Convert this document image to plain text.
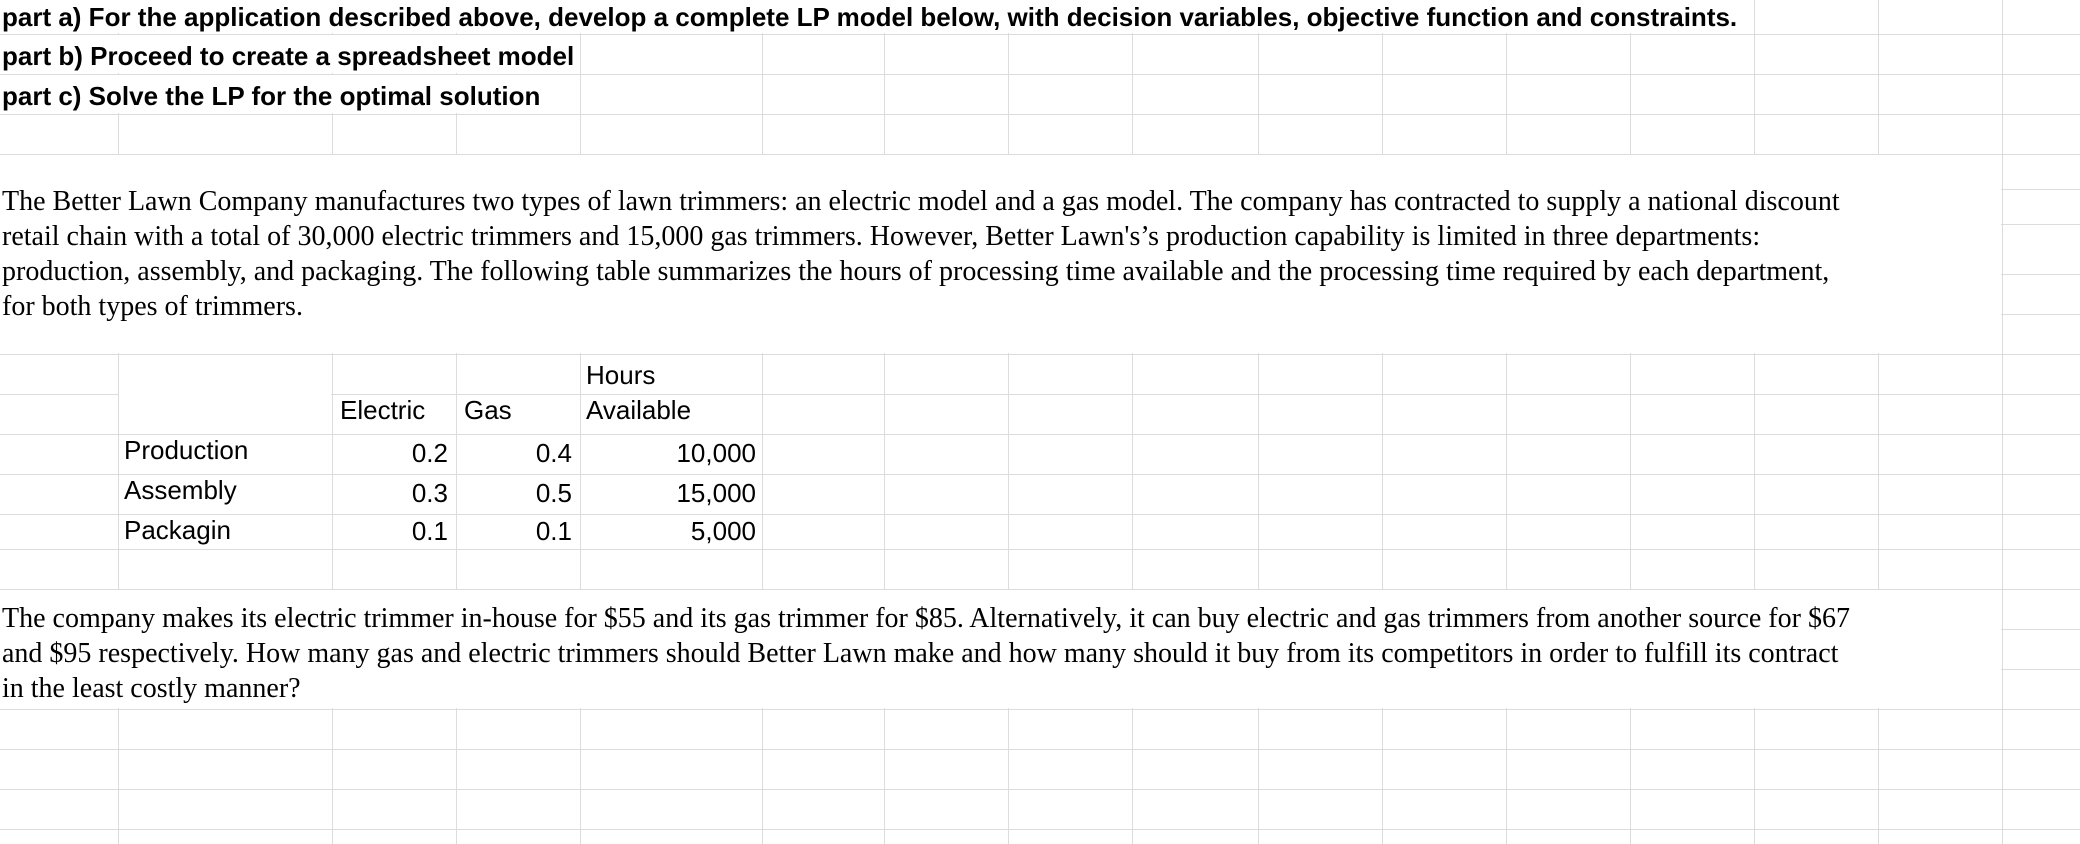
part a) For the application described above, develop a complete LP model below, with decision variables, objective function and constraints.
part b) Proceed to create a spreadsheet model
part c) Solve the LP for the optimal solution
The Better Lawn Company manufactures two types of lawn trimmers: an electric model and a gas model. The company has contracted to supply a national discount
retail chain with a total of 30,000 electric trimmers and 15,000 gas trimmers. However, Better Lawn's’s production capability is limited in three departments:
production, assembly, and packaging. The following table summarizes the hours of processing time available and the processing time required by each department,
for both types of trimmers.
Hours
Electric Gas	Available
Production	0.2	0.4	10,000
Assembly	0.3	0.5	15,000
Packagin	0.1	0.1	5,000
The company makes its electric trimmer in-house for $55 and its gas trimmer for $85. Alternatively, it can buy electric and gas trimmers from another source for $67
and $95 respectively. How many gas and electric trimmers should Better Lawn make and how many should it buy from its competitors in order to fulfill its contract
in the least costly manner?
